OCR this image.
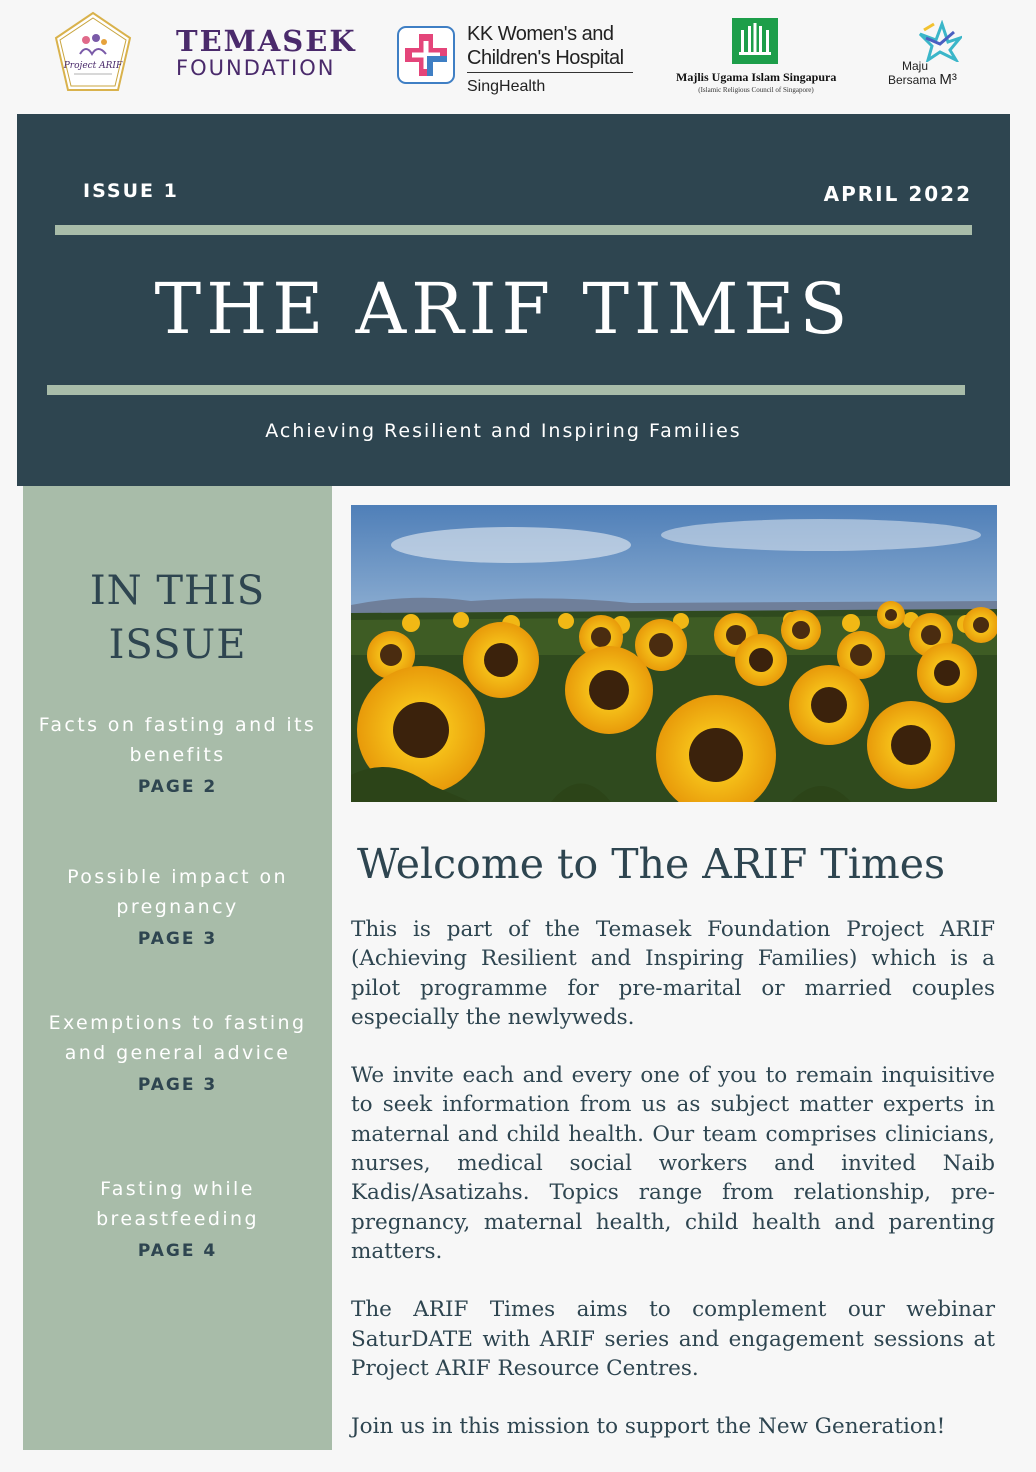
Project ARIF
TEMASEK
FOUNDATION
KK Women's and
Children's Hospital
SingHealth
Majlis Ugama Islam Singapura
(Islamic Religious Council of Singapore)
Maju
Bersama M³
ISSUE 1	APRIL 2022
THE ARIF TIMES
Achieving Resilient and Inspiring Families
IN THIS
ISSUE
Facts on fasting and its
benefits
PAGE 2
Possible impact on
pregnancy
PAGE 3
Exemptions to fasting
and general advice
PAGE 3
Fasting while
breastfeeding
PAGE 4
Welcome to The ARIF Times

This is part of the Temasek Foundation Project ARIF (Achieving Resilient and Inspiring Families) which is a pilot programme for pre-marital or married couples especially the newlyweds.

We invite each and every one of you to remain inquisitive to seek information from us as subject matter experts in maternal and child health. Our team comprises clinicians, nurses, medical social workers and invited Naib Kadis/Asatizahs. Topics range from relationship, pre-pregnancy, maternal health, child health and parenting matters.

The ARIF Times aims to complement our webinar SaturDATE with ARIF series and engagement sessions at Project ARIF Resource Centres.

Join us in this mission to support the New Generation!
